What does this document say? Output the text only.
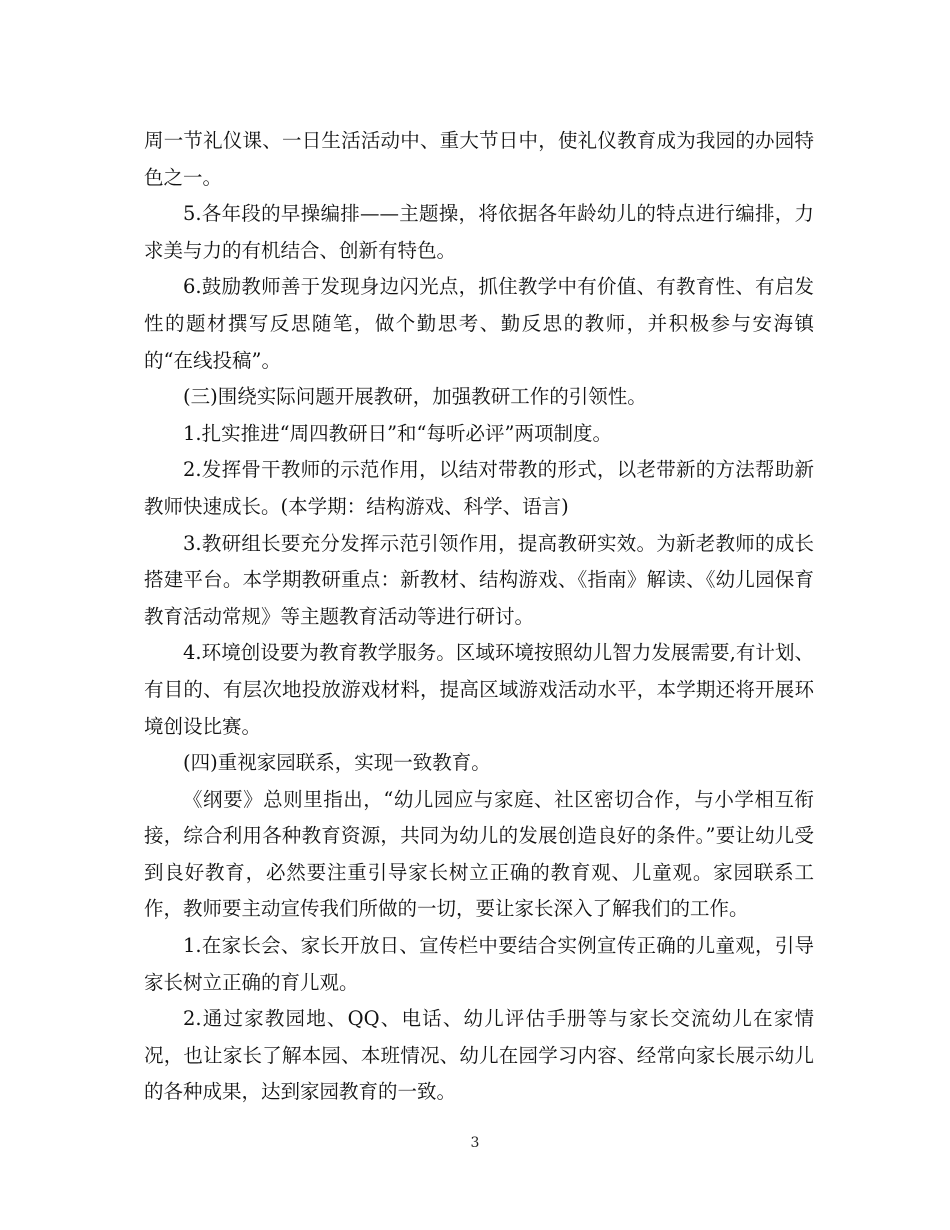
周一节礼仪课、一日生活活动中、重大节日中，使礼仪教育成为我园的办园特色之一。

5.各年段的早操编排——主题操，将依据各年龄幼儿的特点进行编排，力求美与力的有机结合、创新有特色。

6.鼓励教师善于发现身边闪光点，抓住教学中有价值、有教育性、有启发性的题材撰写反思随笔，做个勤思考、勤反思的教师，并积极参与安海镇的“在线投稿”。

(三)围绕实际问题开展教研，加强教研工作的引领性。

1.扎实推进“周四教研日”和“每听必评”两项制度。

2.发挥骨干教师的示范作用，以结对带教的形式，以老带新的方法帮助新教师快速成长。(本学期：结构游戏、科学、语言)

3.教研组长要充分发挥示范引领作用，提高教研实效。为新老教师的成长搭建平台。本学期教研重点：新教材、结构游戏、《指南》解读、《幼儿园保育教育活动常规》等主题教育活动等进行研讨。

4.环境创设要为教育教学服务。区域环境按照幼儿智力发展需要,有计划、有目的、有层次地投放游戏材料，提高区域游戏活动水平，本学期还将开展环境创设比赛。

(四)重视家园联系，实现一致教育。

《纲要》总则里指出，“幼儿园应与家庭、社区密切合作，与小学相互衔接，综合利用各种教育资源，共同为幼儿的发展创造良好的条件。”要让幼儿受到良好教育，必然要注重引导家长树立正确的教育观、儿童观。家园联系工作，教师要主动宣传我们所做的一切，要让家长深入了解我们的工作。

1.在家长会、家长开放日、宣传栏中要结合实例宣传正确的儿童观，引导家长树立正确的育儿观。

2.通过家教园地、QQ、电话、幼儿评估手册等与家长交流幼儿在家情况，也让家长了解本园、本班情况、幼儿在园学习内容、经常向家长展示幼儿的各种成果，达到家园教育的一致。

3
